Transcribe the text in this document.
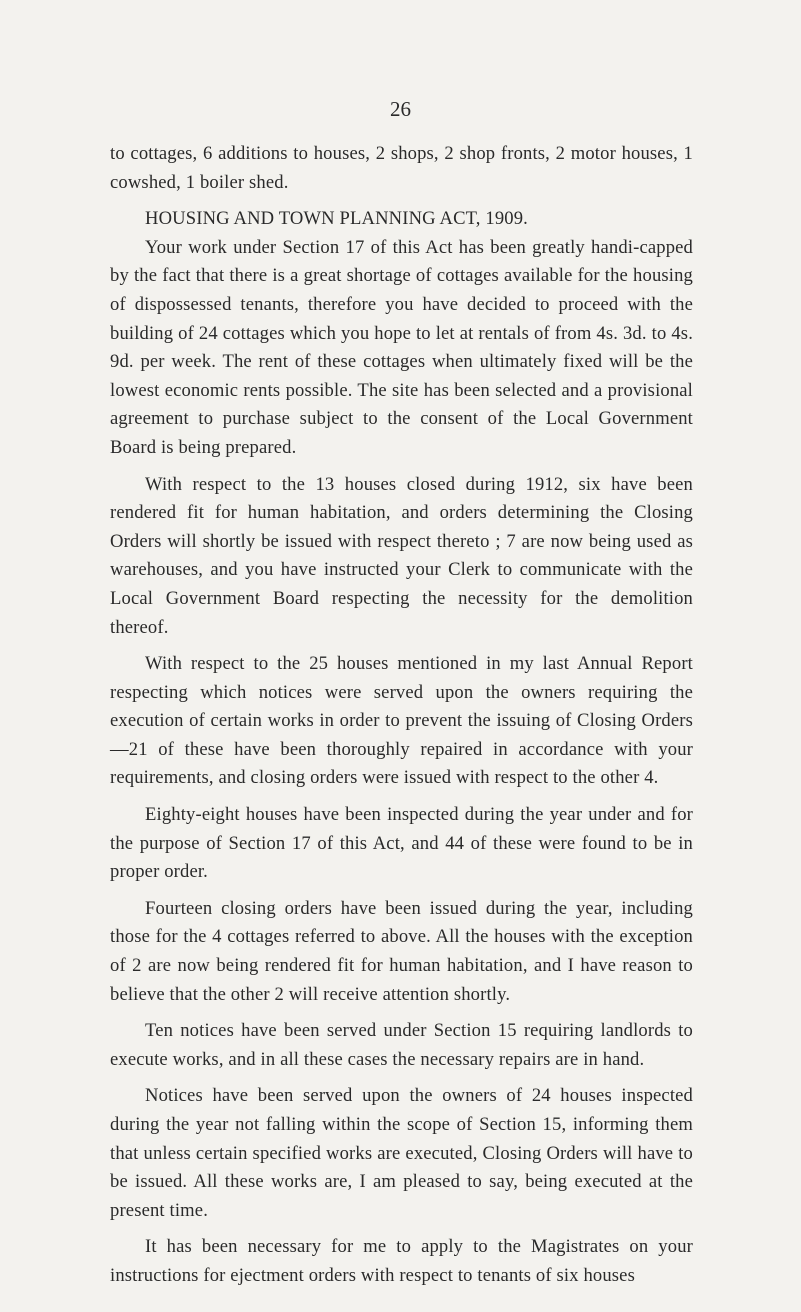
26

to cottages, 6 additions to houses, 2 shops, 2 shop fronts, 2 motor houses, 1 cowshed, 1 boiler shed.

HOUSING AND TOWN PLANNING ACT, 1909.

Your work under Section 17 of this Act has been greatly handi-capped by the fact that there is a great shortage of cottages available for the housing of dispossessed tenants, therefore you have decided to proceed with the building of 24 cottages which you hope to let at rentals of from 4s. 3d. to 4s. 9d. per week. The rent of these cottages when ultimately fixed will be the lowest economic rents possible. The site has been selected and a provisional agreement to purchase subject to the consent of the Local Government Board is being prepared.

With respect to the 13 houses closed during 1912, six have been rendered fit for human habitation, and orders determining the Closing Orders will shortly be issued with respect thereto ; 7 are now being used as warehouses, and you have instructed your Clerk to communicate with the Local Government Board respecting the necessity for the demolition thereof.

With respect to the 25 houses mentioned in my last Annual Report respecting which notices were served upon the owners requiring the execution of certain works in order to prevent the issuing of Closing Orders—21 of these have been thoroughly repaired in accordance with your requirements, and closing orders were issued with respect to the other 4.

Eighty-eight houses have been inspected during the year under and for the purpose of Section 17 of this Act, and 44 of these were found to be in proper order.

Fourteen closing orders have been issued during the year, including those for the 4 cottages referred to above. All the houses with the exception of 2 are now being rendered fit for human habitation, and I have reason to believe that the other 2 will receive attention shortly.

Ten notices have been served under Section 15 requiring landlords to execute works, and in all these cases the necessary repairs are in hand.

Notices have been served upon the owners of 24 houses inspected during the year not falling within the scope of Section 15, informing them that unless certain specified works are executed, Closing Orders will have to be issued. All these works are, I am pleased to say, being executed at the present time.

It has been necessary for me to apply to the Magistrates on your instructions for ejectment orders with respect to tenants of six houses
